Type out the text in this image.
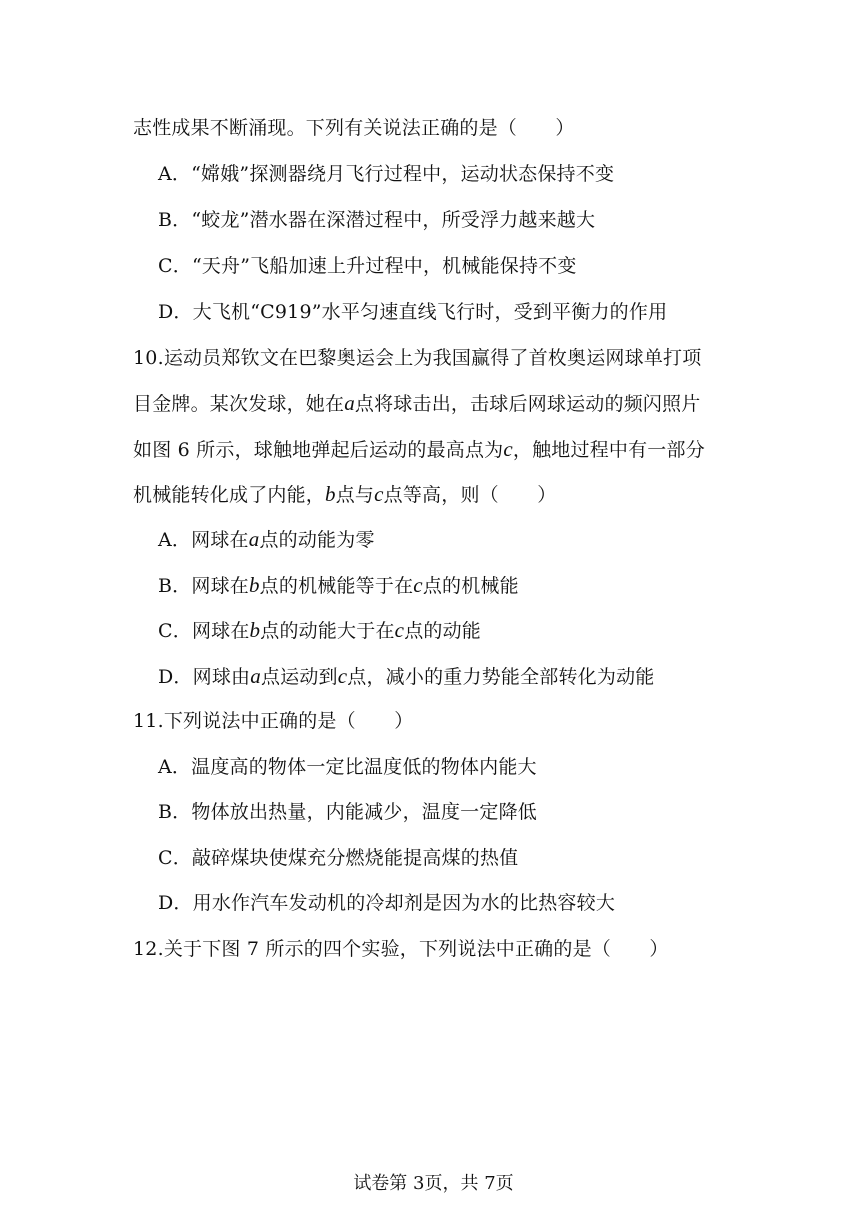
志性成果不断涌现。下列有关说法正确的是（　　）
A．“嫦娥”探测器绕月飞行过程中，运动状态保持不变
B．“蛟龙”潜水器在深潜过程中，所受浮力越来越大
C．“天舟”飞船加速上升过程中，机械能保持不变
D．大飞机“C919”水平匀速直线飞行时，受到平衡力的作用
10.运动员郑钦文在巴黎奥运会上为我国赢得了首枚奥运网球单打项
目金牌。某次发球，她在a点将球击出，击球后网球运动的频闪照片
如图 6 所示，球触地弹起后运动的最高点为c，触地过程中有一部分
机械能转化成了内能，b点与c点等高，则（　　）
A．网球在a点的动能为零
B．网球在b点的机械能等于在c点的机械能
C．网球在b点的动能大于在c点的动能
D．网球由a点运动到c点，减小的重力势能全部转化为动能
11.下列说法中正确的是（　　）
A．温度高的物体一定比温度低的物体内能大
B．物体放出热量，内能减少，温度一定降低
C．敲碎煤块使煤充分燃烧能提高煤的热值
D．用水作汽车发动机的冷却剂是因为水的比热容较大
12.关于下图 7 所示的四个实验，下列说法中正确的是（　　）
试卷第 3页，共 7页
